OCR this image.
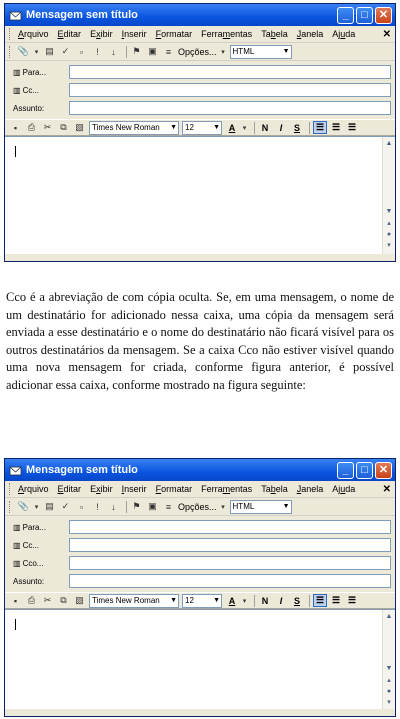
Mensagem sem título	_	□	✕
Arquivo Editar Exibir Inserir Formatar Ferramentas Tabela Janela Ajuda	✕
📎 ▾ ▤ ✓	▫	!	↓	⚑ ▣	≡ Opções... ▾ HTML	▼
▥ Para...
▥ Cc...
Assunto:
▪	⎙ ✂	⧉ ▧	Times New Roman ▼	12	▼ A	▾	N	I	S	☰ ☰ ☰
▲
▼
▴
●
▾
Cco é a abreviação de com cópia oculta. Se, em uma mensagem, o nome de um destinatário for adicionado nessa caixa, uma cópia da mensagem será enviada a esse destinatário e o nome do destinatário não ficará visível para os outros destinatários da mensagem. Se a caixa Cco não estiver visível quando uma nova mensagem for criada, conforme figura anterior, é possível adicionar essa caixa, conforme mostrado na figura seguinte:
Mensagem sem título	_	□	✕
Arquivo Editar Exibir Inserir Formatar Ferramentas Tabela Janela Ajuda	✕
📎 ▾ ▤ ✓	▫	!	↓	⚑ ▣	≡ Opções... ▾ HTML	▼
▥ Para...
▥ Cc...
▥ Cco...
Assunto:
▪	⎙ ✂	⧉ ▧	Times New Roman ▼	12	▼ A	▾	N	I	S	☰ ☰ ☰
▲
▼
▴
●
▾
